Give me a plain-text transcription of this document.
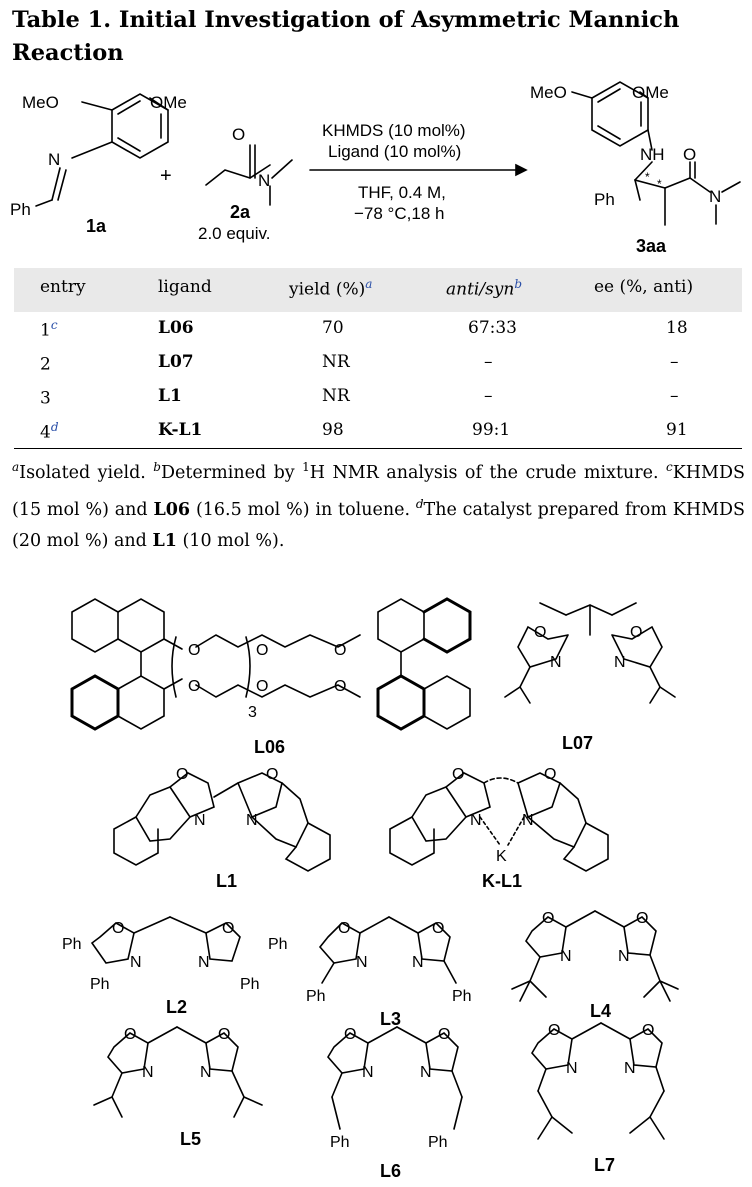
Table 1. Initial Investigation of Asymmetric Mannich Reaction
MeO	OMe
N
Ph
1a
+
O
N
2a
2.0 equiv.
KHMDS (10 mol%)
Ligand (10 mol%)
THF, 0.4 M,
−78 °C,18 h
MeO	OMe
NH
* *
O
N
Ph
3aa
entry	ligand	yield (%)$^a$	anti/syn$^b$	ee (%, anti)
1$^c$	L06	70	67:33	18
2	L07	NR	–	–
3	L1	NR	–	–
4$^d$	K-L1	98	99:1	91
$^a$Isolated yield. $^b$Determined by $^1$H NMR analysis of the crude mixture. $^c$KHMDS (15 mol %) and L06 (16.5 mol %) in toluene. $^d$The catalyst prepared from KHMDS (20 mol %) and L1 (10 mol %).
O
O
O
O
O
O
3
L06
O	O
N	N
L07
O	O
N	N
L1
O	O
N	N
K
K-L1
Ph
O	O
N	N
Ph
Ph	Ph
L2
O	O
N	N
Ph	Ph
L3
O	O
N	N
L4
O	O
N	N
L5
O	O
N	N
Ph	Ph
L6
O	O
N	N
L7
